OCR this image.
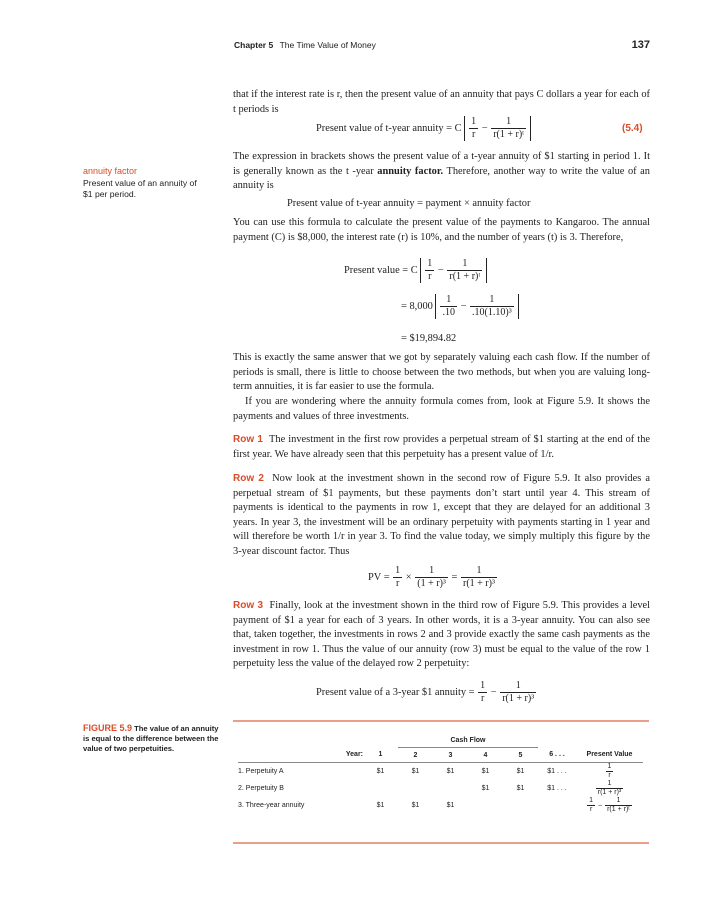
Chapter 5 The Time Value of Money	137
that if the interest rate is r, then the present value of an annuity that pays C dollars a year for each of t periods is
Present value of t-year annuity = C $\frac{1}{r} - \frac{1}{\text{r(1 + r)ᵗ}}$	(5.4)
The expression in brackets shows the present value of a t-year annuity of $1 starting in period 1. It is generally known as the t -year annuity factor. Therefore, another way to write the value of an annuity is
Present value of t-year annuity = payment × annuity factor
annuity factor
Present value of an annuity of $1 per period.
You can use this formula to calculate the present value of the payments to Kangaroo. The annual payment (C) is $8,000, the interest rate (r) is 10%, and the number of years (t) is 3. Therefore,
Present value = C $\frac{1}{r} - \frac{1}{\text{r(1 + r)ᵗ}}$
= $8,000 \frac{1}{.10} - \frac{1}{\text{.10(1.10)³}}$
= $19,894.82
This is exactly the same answer that we got by separately valuing each cash flow. If the number of periods is small, there is little to choose between the two methods, but when you are valuing long-term annuities, it is far easier to use the formula.
If you are wondering where the annuity formula comes from, look at Figure 5.9. It shows the payments and values of three investments.
Row 1 The investment in the first row provides a perpetual stream of $1 starting at the end of the first year. We have already seen that this perpetuity has a present value of 1/r.
Row 2 Now look at the investment shown in the second row of Figure 5.9. It also provides a perpetual stream of $1 payments, but these payments don’t start until year 4. This stream of payments is identical to the payments in row 1, except that they are delayed for an additional 3 years. In year 3, the investment will be an ordinary perpetuity with payments starting in 1 year and will therefore be worth 1/r in year 3. To find the value today, we simply multiply this figure by the 3-year discount factor. Thus
PV = $\frac{1}{r} \times \frac{1}{\text{(1 + r)³}} = \frac{1}{\text{r(1 + r)³}}$
Row 3 Finally, look at the investment shown in the third row of Figure 5.9. This provides a level payment of $1 a year for each of 3 years. In other words, it is a 3-year annuity. You can also see that, taken together, the investments in rows 2 and 3 provide exactly the same cash payments as the investment in row 1. Thus the value of our annuity (row 3) must be equal to the value of the row 1 perpetuity less the value of the delayed row 2 perpetuity:
Present value of a 3-year $1 annuity = $\frac{1}{r} - \frac{1}{\text{r(1 + r)³}}$
FIGURE 5.9 The value of an annuity is equal to the difference between the value of two perpetuities.
			Cash Flow					
	Year:	1	2	3	4	5	6 . . .	Present Value
1. Perpetuity A		$1	$1	$1	$1	$1	$1 . . .	$\frac{1}{r}$

2. Perpetuity B					$1	$1	$1 . . .	$\frac{1}{\text{r(1 + r)³}}$

3. Three-year annuity		$1	$1	$1				$\frac{1}{r} - \frac{1}{\text{r(1 + r)ᵗ}}$
